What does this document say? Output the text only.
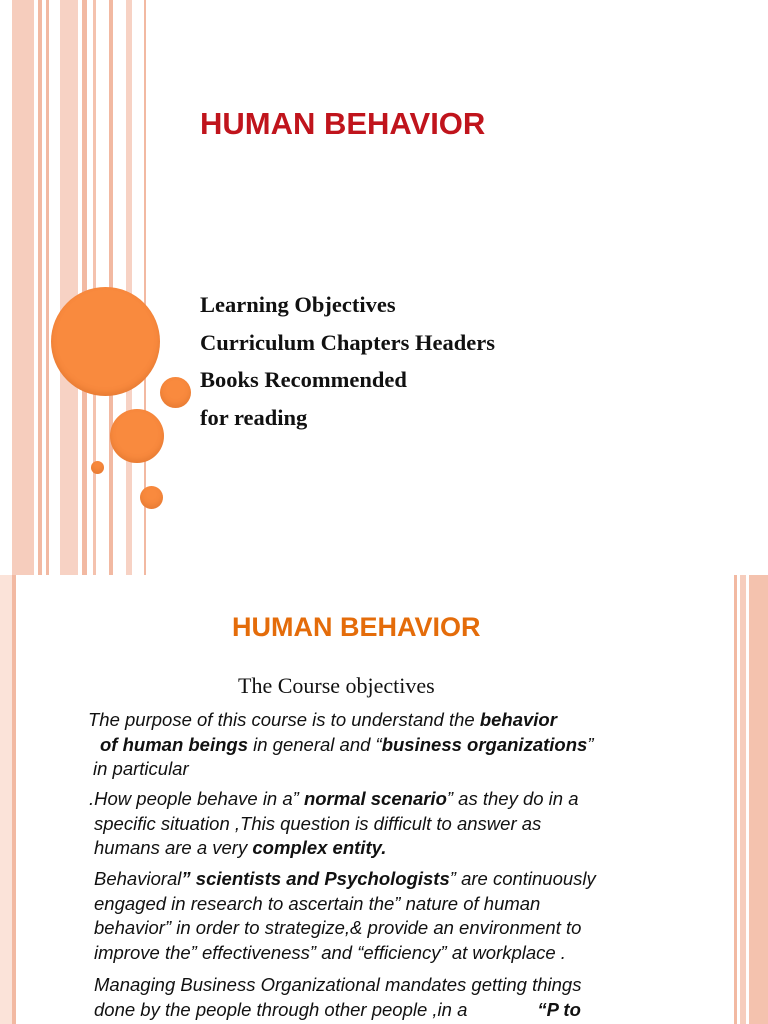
HUMAN BEHAVIOR
Learning Objectives
Curriculum Chapters Headers
Books Recommended
for reading
HUMAN BEHAVIOR
The Course objectives
The purpose of this course is to understand the behavior
of human beings in general and “business organizations”
in particular
.How people behave in a” normal scenario” as they do in a
specific situation ,This question is difficult to answer as
humans are a very complex entity.
Behavioral” scientists and Psychologists” are continuously
engaged in research to ascertain the” nature of human
behavior” in order to strategize,& provide an environment to
improve the” effectiveness” and “efficiency” at workplace .
Managing Business Organizational mandates getting things
done by the people through other people ,in a	“P to
